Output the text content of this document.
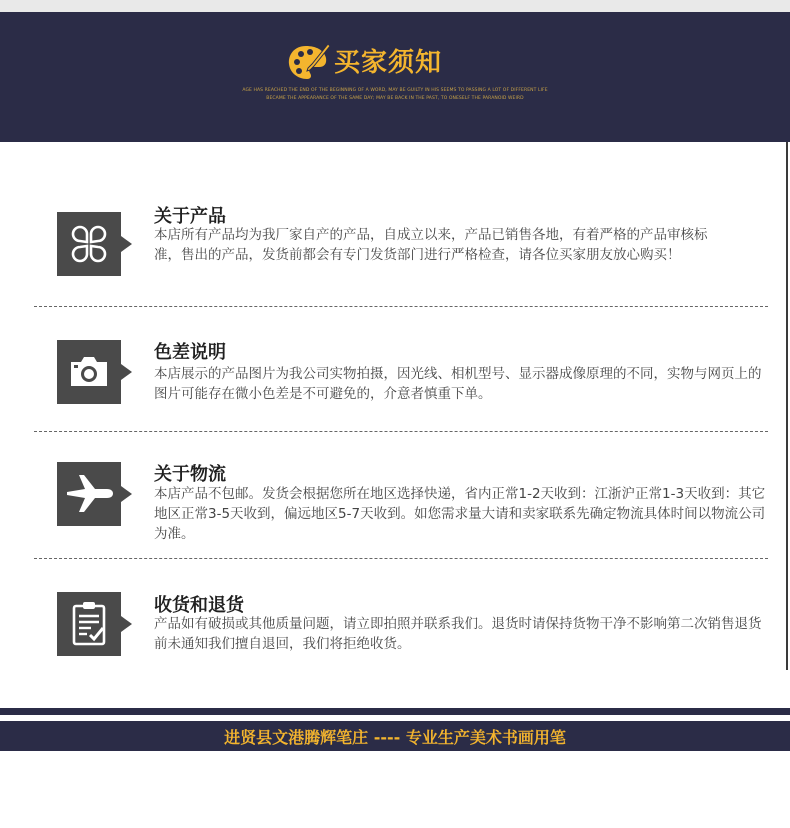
买家须知
AGE HAS REACHED THE END OF THE BEGINNING OF A WORD, MAY BE GUILTY IN HIS SEEMS TO PASSING A LOT OF DIFFERENT LIFE
BECAME THE APPEARANCE OF THE SAME DAY; MAY BE BACK IN THE PAST, TO ONESELF THE PARANOID WEIRD
关于产品
本店所有产品均为我厂家自产的产品，自成立以来，产品已销售各地，有着严格的产品审核标准，售出的产品，发货前都会有专门发货部门进行严格检查，请各位买家朋友放心购买！
色差说明
本店展示的产品图片为我公司实物拍摄，因光线、相机型号、显示器成像原理的不同，实物与网页上的图片可能存在微小色差是不可避免的，介意者慎重下单。
关于物流
本店产品不包邮。发货会根据您所在地区选择快递，省内正常1-2天收到：江浙沪正常1-3天收到：其它地区正常3-5天收到，偏远地区5-7天收到。如您需求量大请和卖家联系先确定物流具体时间以物流公司为准。
收货和退货
产品如有破损或其他质量问题，请立即拍照并联系我们。退货时请保持货物干净不影响第二次销售退货前未通知我们擅自退回，我们将拒绝收货。
进贤县文港腾辉笔庄 ---- 专业生产美术书画用笔
